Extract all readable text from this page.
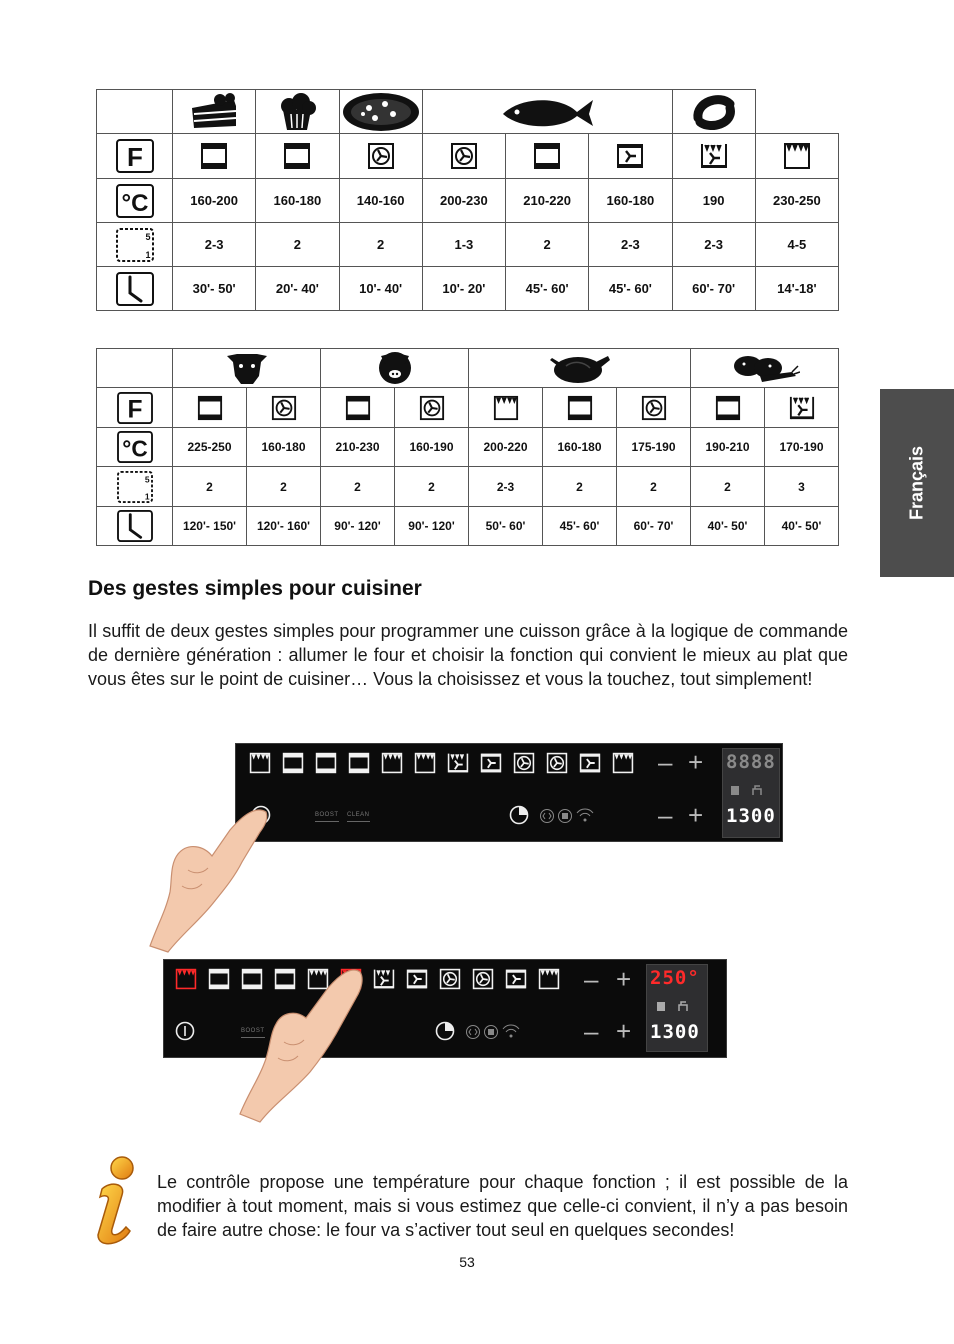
F

°C	160-200	160-180	140-160	200-230	210-220	160-180	190	230-250

5
1	2-3	2	2	1-3	2	2-3	2-3	4-5

	30'- 50'	20'- 40'	10'- 40'	10'- 20'	45'- 60'	45'- 60'	60'- 70'	14'-18'

F

°C	225-250	160-180	210-230	160-190	200-220	160-180	175-190	190-210	170-190

5
1	2	2	2	2	2-3	2	2	2	3

	120'- 150'	120'- 160'	90'- 120'	90'- 120'	50'- 60'	45'- 60'	60'- 70'	40'- 50'	40'- 50'
Français
Des gestes simples pour cuisiner

Il suffit de deux gestes simples pour programmer une cuisson grâce à la logique de commande de dernière génération : allumer le four et choisir la fonction qui convient le mieux au plat que vous êtes sur le point de cuisiner… Vous la choisissez et vous la touchez, tout simplement!

– +
– +
BOOST CLEAN
8888
1300
– +
– +
BOOST
250°
1300

Le contrôle propose une température pour chaque fonction ; il est possible de la modifier à tout moment, mais si vous estimez que celle-ci convient, il n’y a pas besoin de faire autre chose: le four va s’activer tout seul en quelques secondes!

53
